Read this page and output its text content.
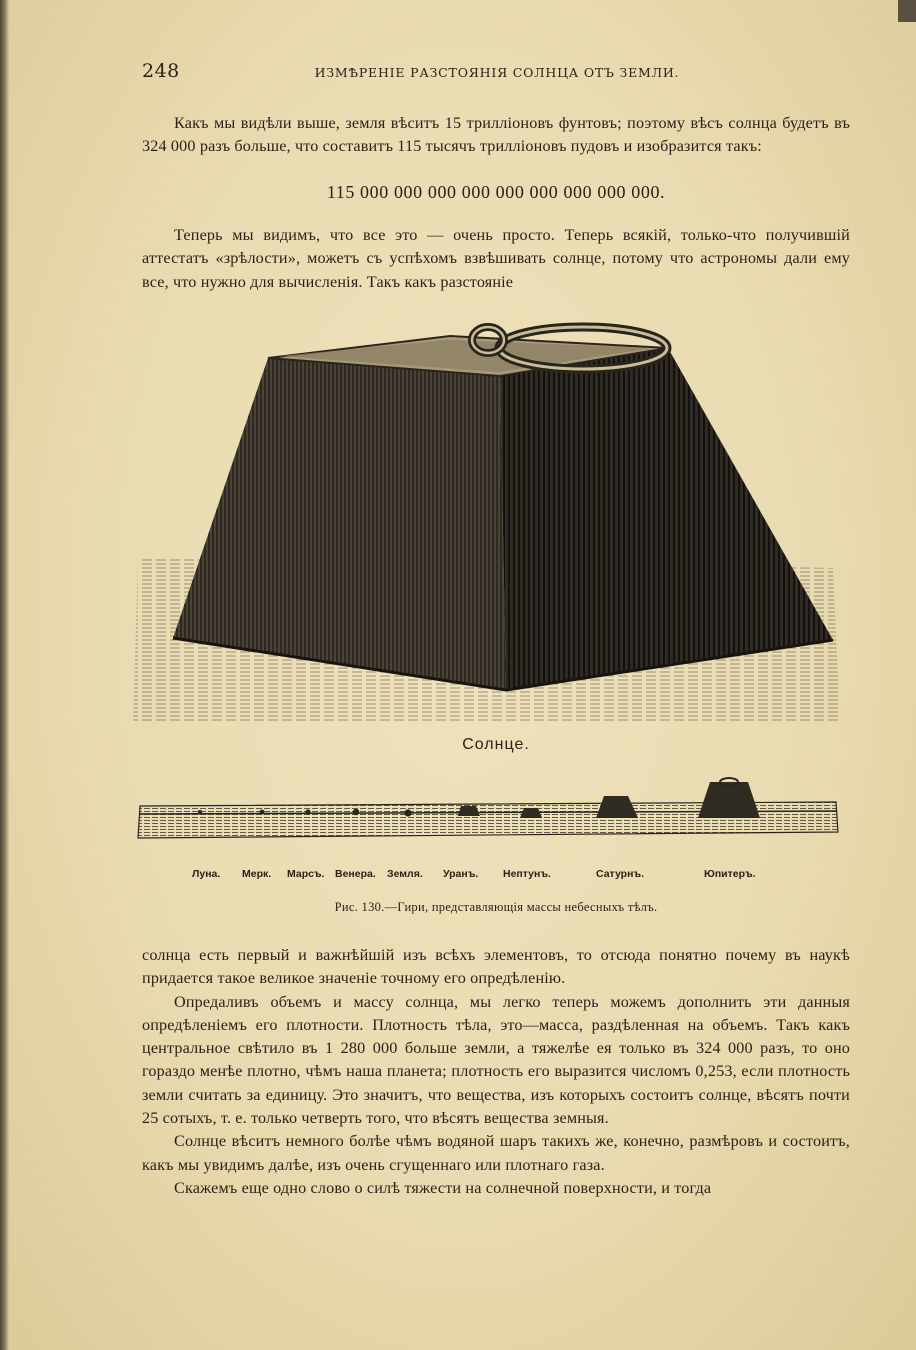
248	ИЗМѢРЕНІЕ РАЗСТОЯНІЯ СОЛНЦА ОТЪ ЗЕМЛИ.

Какъ мы видѣли выше, земля вѣситъ 15 трилліоновъ фунтовъ; поэтому вѣсъ солнца будетъ въ 324 000 разъ больше, что составитъ 115 тысячъ трилліоновъ пудовъ и изобразится такъ:

115 000 000 000 000 000 000 000 000 000.

Теперь мы видимъ, что все это — очень просто. Теперь всякій, только-что получившій аттестатъ «зрѣлости», можетъ съ успѣхомъ взвѣшивать солнце, потому что астрономы дали ему все, что нужно для вычисленія. Такъ какъ разстояніе

Солнце.
Луна. Мерк. Марсъ. Венера. Земля. Уранъ. Нептунъ.	Сатурнъ.	Юпитеръ.
Рис. 130.—Гири, представляющія массы небесныхъ тѣлъ.

солнца есть первый и важнѣйшій изъ всѣхъ элементовъ, то отсюда понятно почему въ наукѣ придается такое великое значеніе точному его опредѣленію.

Опредаливъ объемъ и массу солнца, мы легко теперь можемъ дополнить эти данныя опредѣленіемъ его плотности. Плотность тѣла, это—масса, раздѣленная на объемъ. Такъ какъ центральное свѣтило въ 1 280 000 больше земли, а тяжелѣе ея только въ 324 000 разъ, то оно гораздо менѣе плотно, чѣмъ наша планета; плотность его выразится числомъ 0,253, если плотность земли считать за единицу. Это значитъ, что вещества, изъ которыхъ состоитъ солнце, вѣсятъ почти 25 сотыхъ, т. е. только четверть того, что вѣсятъ вещества земныя.

Солнце вѣситъ немного болѣе чѣмъ водяной шаръ такихъ же, конечно, размѣровъ и состоитъ, какъ мы увидимъ далѣе, изъ очень сгущеннаго или плотнаго газа.

Скажемъ еще одно слово о силѣ тяжести на солнечной поверхности, и тогда
